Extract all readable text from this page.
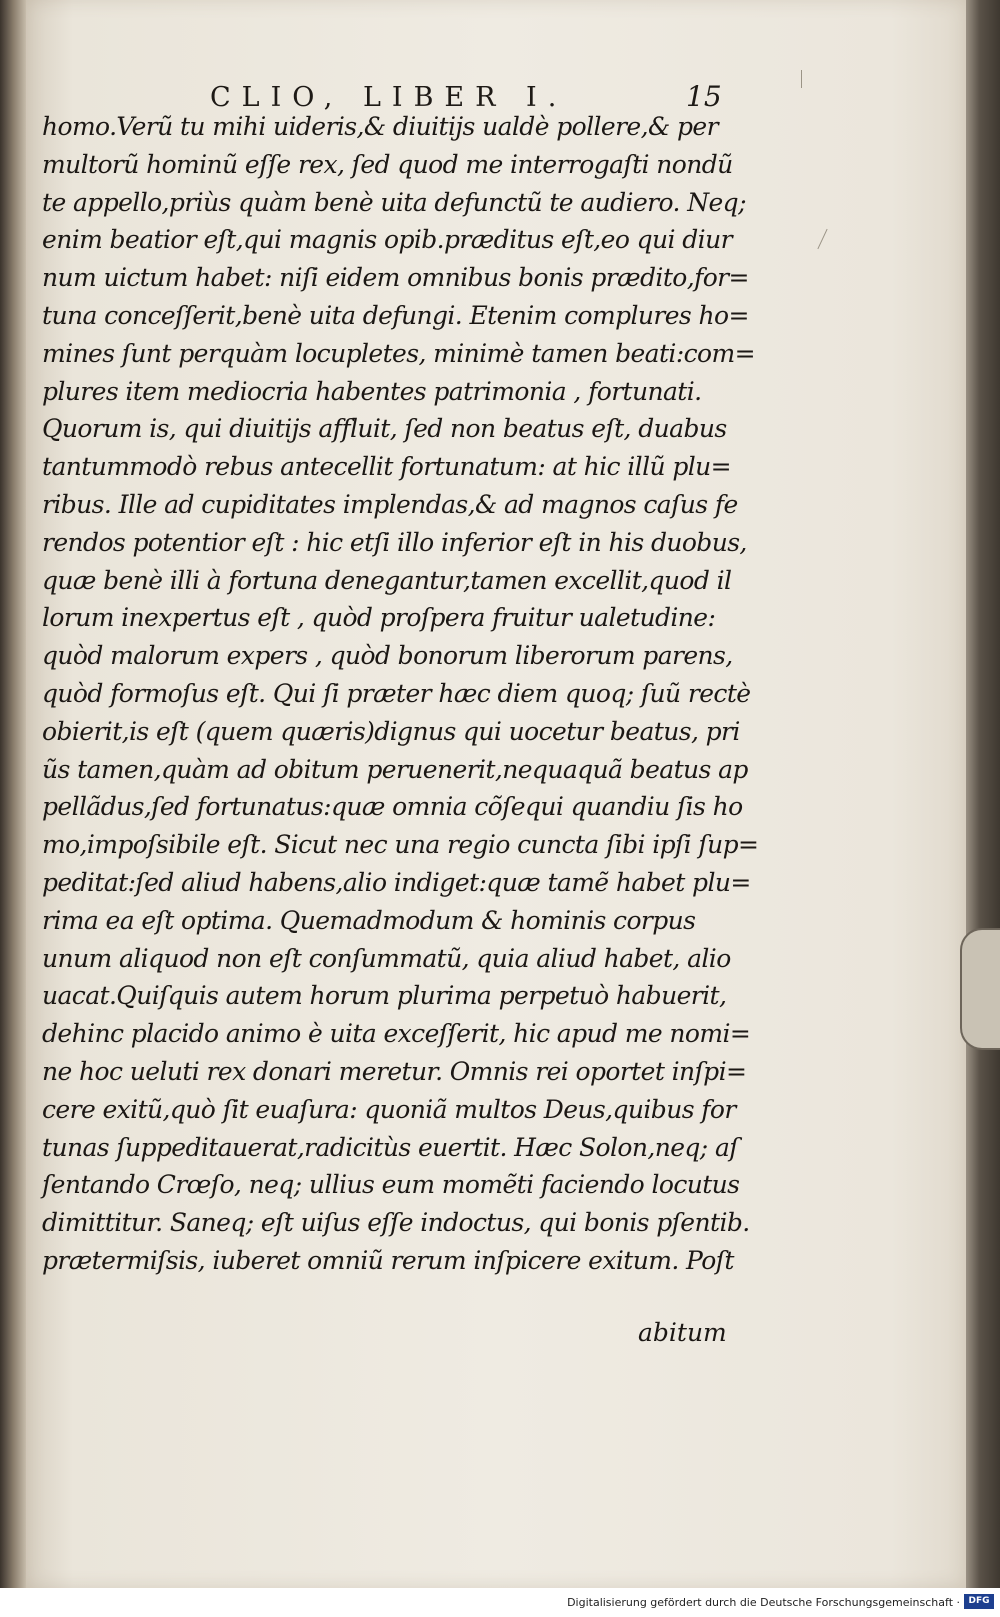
CLIO, LIBER I.	15
homo.Verũ tu mihi uideris,& diuitijs ualdè pollere,& per
multorũ hominũ eſſe rex, ſed quod me interrogaſti nondũ
te appello,priùs quàm benè uita defunctũ te audiero. Neq;
enim beatior eſt,qui magnis opib.præditus eſt,eo qui diur
num uictum habet: niſi eidem omnibus bonis prædito,for=
tuna conceſſerit,benè uita defungi. Etenim complures ho=
mines ſunt perquàm locupletes, minimè tamen beati:com=
plures item mediocria habentes patrimonia , fortunati.
Quorum is, qui diuitijs affluit, ſed non beatus eſt, duabus
tantummodò rebus antecellit fortunatum: at hic illũ plu=
ribus. Ille ad cupiditates implendas,& ad magnos caſus fe
rendos potentior eſt : hic etſi illo inferior eſt in his duobus,
quæ benè illi à fortuna denegantur,tamen excellit,quod il
lorum inexpertus eſt , quòd proſpera fruitur ualetudine:
quòd malorum expers , quòd bonorum liberorum parens,
quòd formoſus eſt. Qui ſi præter hæc diem quoq; ſuũ rectè
obierit,is eſt (quem quæris)dignus qui uocetur beatus, pri
ũs tamen,quàm ad obitum peruenerit,nequaquã beatus ap
pellãdus,ſed fortunatus:quæ omnia cõſequi quandiu ſis ho
mo,impoſsibile eſt. Sicut nec una regio cuncta ſibi ipſi ſup=
peditat:ſed aliud habens,alio indiget:quæ tamẽ habet plu=
rima ea eſt optima. Quemadmodum & hominis corpus
unum aliquod non eſt conſummatũ, quia aliud habet, alio
uacat.Quiſquis autem horum plurima perpetuò habuerit,
dehinc placido animo è uita exceſſerit, hic apud me nomi=
ne hoc ueluti rex donari meretur. Omnis rei oportet inſpi=
cere exitũ,quò ſit euaſura: quoniã multos Deus,quibus for
tunas ſuppeditauerat,radicitùs euertit. Hæc Solon,neq; aſ
ſentando Crœſo, neq; ullius eum momẽti faciendo locutus
dimittitur. Saneq; eſt uiſus eſſe indoctus, qui bonis pſentib.
prætermiſsis, iuberet omniũ rerum inſpicere exitum. Poſt
abitum
Digitalisierung gefördert durch die Deutsche Forschungsgemeinschaft · DFG
